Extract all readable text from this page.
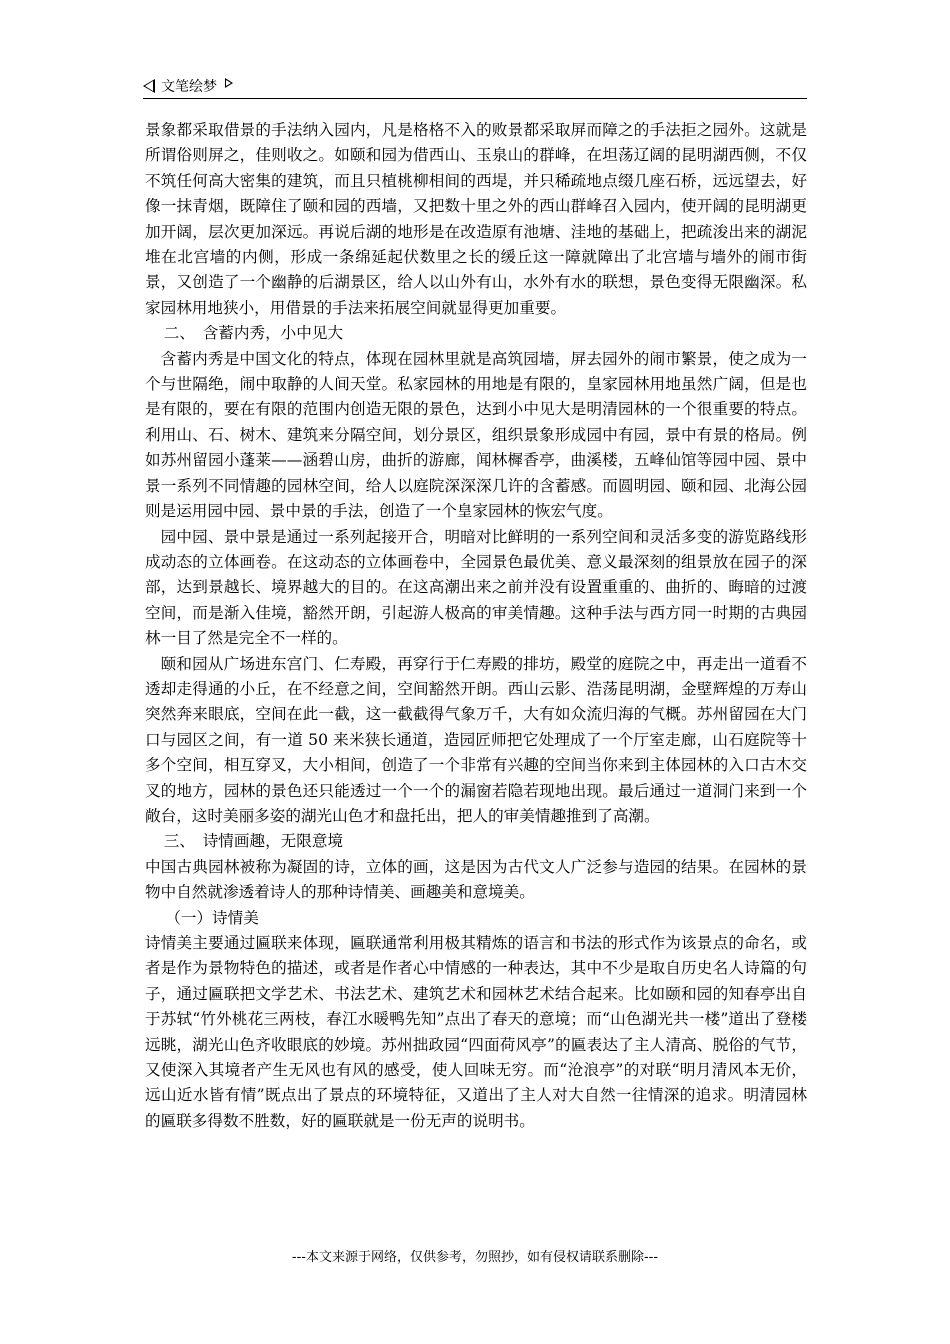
文笔绘梦

景象都采取借景的手法纳入园内，凡是格格不入的败景都采取屏而障之的手法拒之园外。这就是所谓俗则屏之，佳则收之。如颐和园为借西山、玉泉山的群峰，在坦荡辽阔的昆明湖西侧，不仅不筑任何高大密集的建筑，而且只植桃柳相间的西堤，并只稀疏地点缀几座石桥，远远望去，好像一抹青烟，既障住了颐和园的西墙，又把数十里之外的西山群峰召入园内，使开阔的昆明湖更加开阔，层次更加深远。再说后湖的地形是在改造原有池塘、洼地的基础上，把疏浚出来的湖泥堆在北宫墙的内侧，形成一条绵延起伏数里之长的缓丘这一障就障出了北宫墙与墙外的闹市街景，又创造了一个幽静的后湖景区，给人以山外有山，水外有水的联想，景色变得无限幽深。私家园林用地狭小，用借景的手法来拓展空间就显得更加重要。

二、　含蓄内秀，小中见大

含蓄内秀是中国文化的特点，体现在园林里就是高筑园墙，屏去园外的闹市繁景，使之成为一个与世隔绝，闹中取静的人间天堂。私家园林的用地是有限的，皇家园林用地虽然广阔，但是也是有限的，要在有限的范围内创造无限的景色，达到小中见大是明清园林的一个很重要的特点。利用山、石、树木、建筑来分隔空间，划分景区，组织景象形成园中有园，景中有景的格局。例如苏州留园小蓬莱——涵碧山房，曲折的游廊，闻林樨香亭，曲溪楼，五峰仙馆等园中园、景中景一系列不同情趣的园林空间，给人以庭院深深深几许的含蓄感。而圆明园、颐和园、北海公园则是运用园中园、景中景的手法，创造了一个皇家园林的恢宏气度。

园中园、景中景是通过一系列起接开合，明暗对比鲜明的一系列空间和灵活多变的游览路线形成动态的立体画卷。在这动态的立体画卷中，全园景色最优美、意义最深刻的组景放在园子的深部，达到景越长、境界越大的目的。在这高潮出来之前并没有设置重重的、曲折的、晦暗的过渡空间，而是渐入佳境，豁然开朗，引起游人极高的审美情趣。这种手法与西方同一时期的古典园林一目了然是完全不一样的。

颐和园从广场进东宫门、仁寿殿，再穿行于仁寿殿的排坊，殿堂的庭院之中，再走出一道看不透却走得通的小丘，在不经意之间，空间豁然开朗。西山云影、浩荡昆明湖，金壁辉煌的万寿山突然奔来眼底，空间在此一截，这一截截得气象万千，大有如众流归海的气概。苏州留园在大门口与园区之间，有一道 50 来米狭长通道，造园匠师把它处理成了一个厅室走廊，山石庭院等十多个空间，相互穿叉，大小相间，创造了一个非常有兴趣的空间当你来到主体园林的入口古木交叉的地方，园林的景色还只能透过一个一个的漏窗若隐若现地出现。最后通过一道洞门来到一个敞台，这时美丽多姿的湖光山色才和盘托出，把人的审美情趣推到了高潮。

三、　诗情画趣，无限意境

中国古典园林被称为凝固的诗，立体的画，这是因为古代文人广泛参与造园的结果。在园林的景物中自然就渗透着诗人的那种诗情美、画趣美和意境美。

（一）诗情美

诗情美主要通过匾联来体现，匾联通常利用极其精炼的语言和书法的形式作为该景点的命名，或者是作为景物特色的描述，或者是作者心中情感的一种表达，其中不少是取自历史名人诗篇的句子，通过匾联把文学艺术、书法艺术、建筑艺术和园林艺术结合起来。比如颐和园的知春亭出自于苏轼“竹外桃花三两枝，春江水暖鸭先知”点出了春天的意境；而“山色湖光共一楼”道出了登楼远眺，湖光山色齐收眼底的妙境。苏州拙政园“四面荷风亭”的匾表达了主人清高、脱俗的气节，又使深入其境者产生无风也有风的感受，使人回味无穷。而“沧浪亭”的对联“明月清风本无价，远山近水皆有情”既点出了景点的环境特征，又道出了主人对大自然一往情深的追求。明清园林的匾联多得数不胜数，好的匾联就是一份无声的说明书。

---本文来源于网络，仅供参考，勿照抄，如有侵权请联系删除---
